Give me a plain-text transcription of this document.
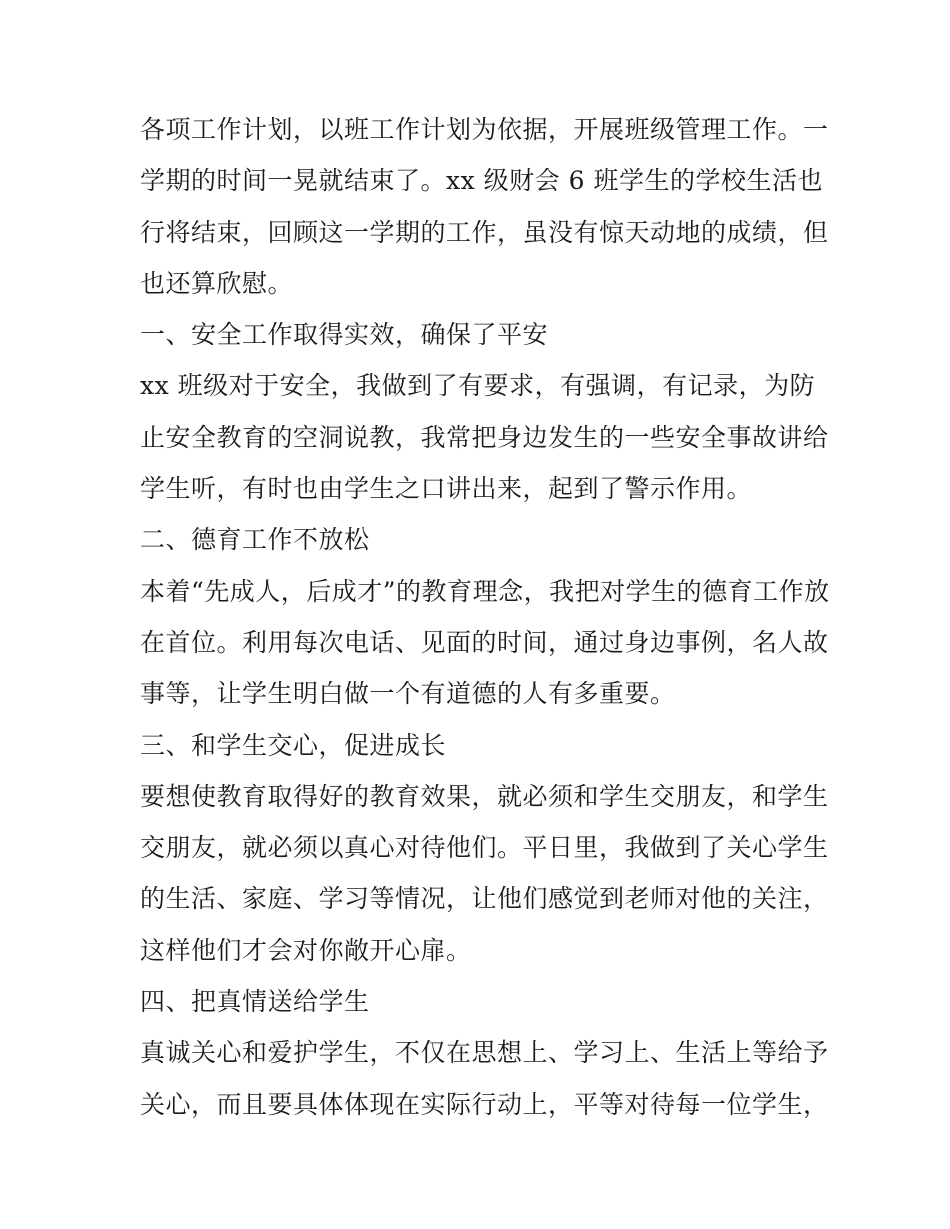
各项工作计划，以班工作计划为依据，开展班级管理工作。一
学期的时间一晃就结束了。xx 级财会 6 班学生的学校生活也
行将结束，回顾这一学期的工作，虽没有惊天动地的成绩，但
也还算欣慰。
一、安全工作取得实效，确保了平安
xx 班级对于安全，我做到了有要求，有强调，有记录，为防
止安全教育的空洞说教，我常把身边发生的一些安全事故讲给
学生听，有时也由学生之口讲出来，起到了警示作用。
二、德育工作不放松
本着“先成人，后成才”的教育理念，我把对学生的德育工作放
在首位。利用每次电话、见面的时间，通过身边事例，名人故
事等，让学生明白做一个有道德的人有多重要。
三、和学生交心，促进成长
要想使教育取得好的教育效果，就必须和学生交朋友，和学生
交朋友，就必须以真心对待他们。平日里，我做到了关心学生
的生活、家庭、学习等情况，让他们感觉到老师对他的关注，
这样他们才会对你敞开心扉。
四、把真情送给学生
真诚关心和爱护学生，不仅在思想上、学习上、生活上等给予
关心，而且要具体体现在实际行动上，平等对待每一位学生，
